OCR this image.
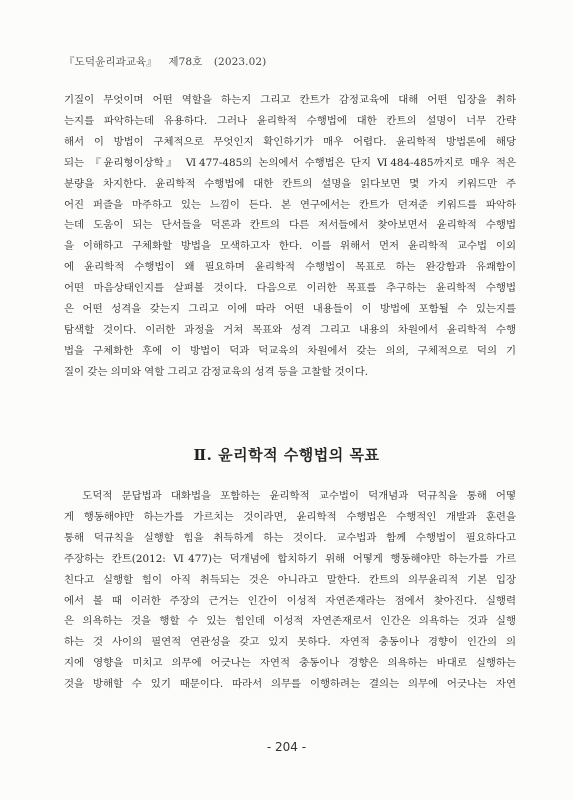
『도덕윤리과교육』 제78호 (2023.02)
기질이 무엇이며 어떤 역할을 하는지 그리고 칸트가 감정교육에 대해 어떤 입장을 취하
는지를 파악하는데 유용하다. 그러나 윤리학적 수행법에 대한 칸트의 설명이 너무 간략
해서 이 방법이 구체적으로 무엇인지 확인하기가 매우 어렵다. 윤리학적 방법론에 해당
되는 『윤리형이상학』 Ⅵ477-485의 논의에서 수행법은 단지 Ⅵ484-485까지로 매우 적은
분량을 차지한다. 윤리학적 수행법에 대한 칸트의 설명을 읽다보면 몇 가지 키워드만 주
어진 퍼즐을 마주하고 있는 느낌이 든다. 본 연구에서는 칸트가 던져준 키워드를 파악하
는데 도움이 되는 단서들을 덕론과 칸트의 다른 저서들에서 찾아보면서 윤리학적 수행법
을 이해하고 구체화할 방법을 모색하고자 한다. 이를 위해서 먼저 윤리학적 교수법 이외
에 윤리학적 수행법이 왜 필요하며 윤리학적 수행법이 목표로 하는 완강함과 유쾌함이
어떤 마음상태인지를 살펴볼 것이다. 다음으로 이러한 목표를 추구하는 윤리학적 수행법
은 어떤 성격을 갖는지 그리고 이에 따라 어떤 내용들이 이 방법에 포함될 수 있는지를
탐색할 것이다. 이러한 과정을 거쳐 목표와 성격 그리고 내용의 차원에서 윤리학적 수행
법을 구체화한 후에 이 방법이 덕과 덕교육의 차원에서 갖는 의의, 구체적으로 덕의 기
질이 갖는 의미와 역할 그리고 감정교육의 성격 등을 고찰할 것이다.
Ⅱ. 윤리학적 수행법의 목표
도덕적 문답법과 대화법을 포함하는 윤리학적 교수법이 덕개념과 덕규칙을 통해 어떻
게 행동해야만 하는가를 가르치는 것이라면, 윤리학적 수행법은 수행적인 개발과 훈련을
통해 덕규칙을 실행할 힘을 취득하게 하는 것이다. 교수법과 함께 수행법이 필요하다고
주장하는 칸트(2012: Ⅵ477)는 덕개념에 합치하기 위해 어떻게 행동해야만 하는가를 가르
친다고 실행할 힘이 아직 취득되는 것은 아니라고 말한다. 칸트의 의무윤리적 기본 입장
에서 볼 때 이러한 주장의 근거는 인간이 이성적 자연존재라는 점에서 찾아진다. 실행력
은 의욕하는 것을 행할 수 있는 힘인데 이성적 자연존재로서 인간은 의욕하는 것과 실행
하는 것 사이의 필연적 연관성을 갖고 있지 못하다. 자연적 충동이나 경향이 인간의 의
지에 영향을 미치고 의무에 어긋나는 자연적 충동이나 경향은 의욕하는 바대로 실행하는
것을 방해할 수 있기 때문이다. 따라서 의무를 이행하려는 결의는 의무에 어긋나는 자연
- 204 -
